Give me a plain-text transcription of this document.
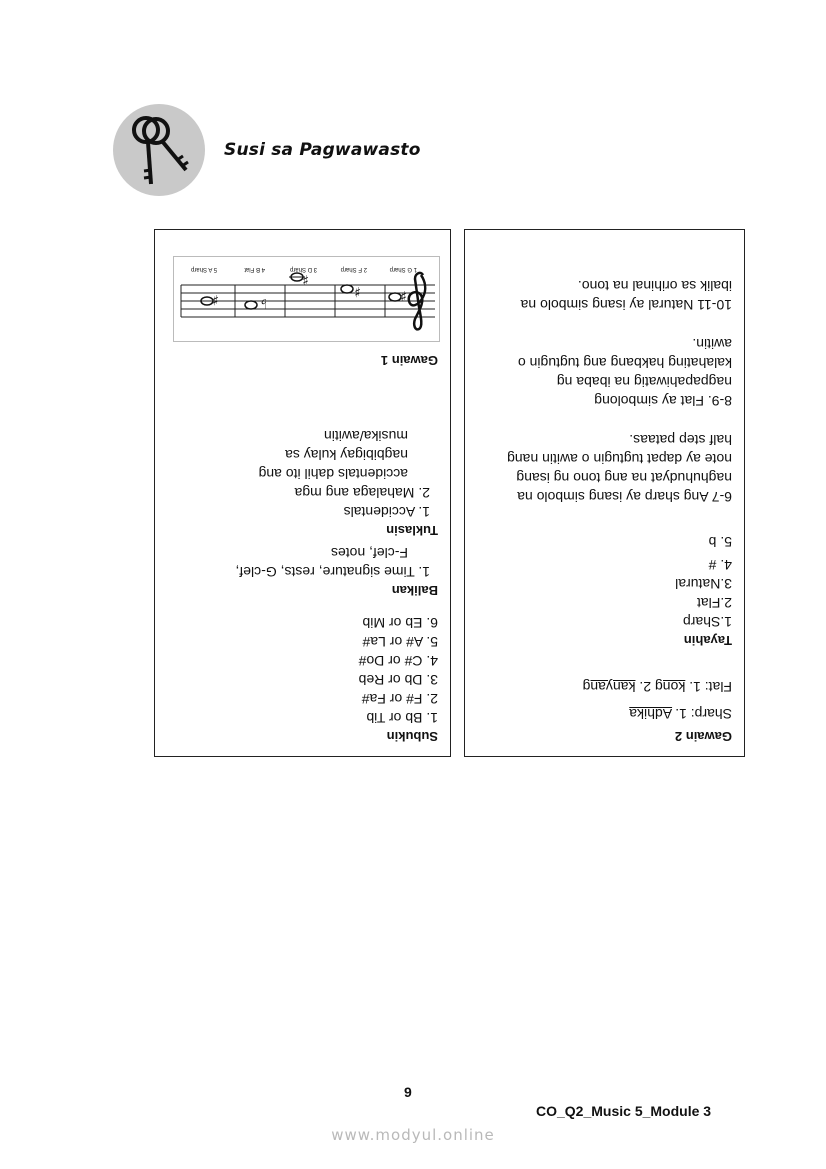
Susi sa Pagwawasto
Subukin
1. Bb or Tib
2. F# or Fa#
3. Db or Reb
4. C# or Do#
5. A# or La#
6. Eb or Mib
Balikan
1. Time signature, rests, G-clef,
F-clef, notes
Tuklasin
1. Accidentals
2. Mahalaga ang mga
accidentals dahil ito ang
nagbibigay kulay sa
musika/awitin
Gawain 1
♯
♯
♯
♭
♯
1 G Sharp
2 F Sharp
3 D Sharp
4 B Flat
5 A Sharp
Gawain 2
Sharp: 1. Adhika
Flat: 1. kong 2. kanyang
Tayahin
1.Sharp
2.Flat
3.Natural
4. #
5. b
6-7 Ang sharp ay isang simbolo na
naghuhudyat na ang tono ng isang
note ay dapat tugtugin o awitin nang
half step pataas.
8-9. Flat ay simbolong
nagpapahiwatig na ibaba ng
kalahating hakbang ang tugtugin o
awitin.
10-11 Natural ay isang simbolo na
ibalik sa orihinal na tono.
9
CO_Q2_Music 5_Module 3
www.modyul.online
